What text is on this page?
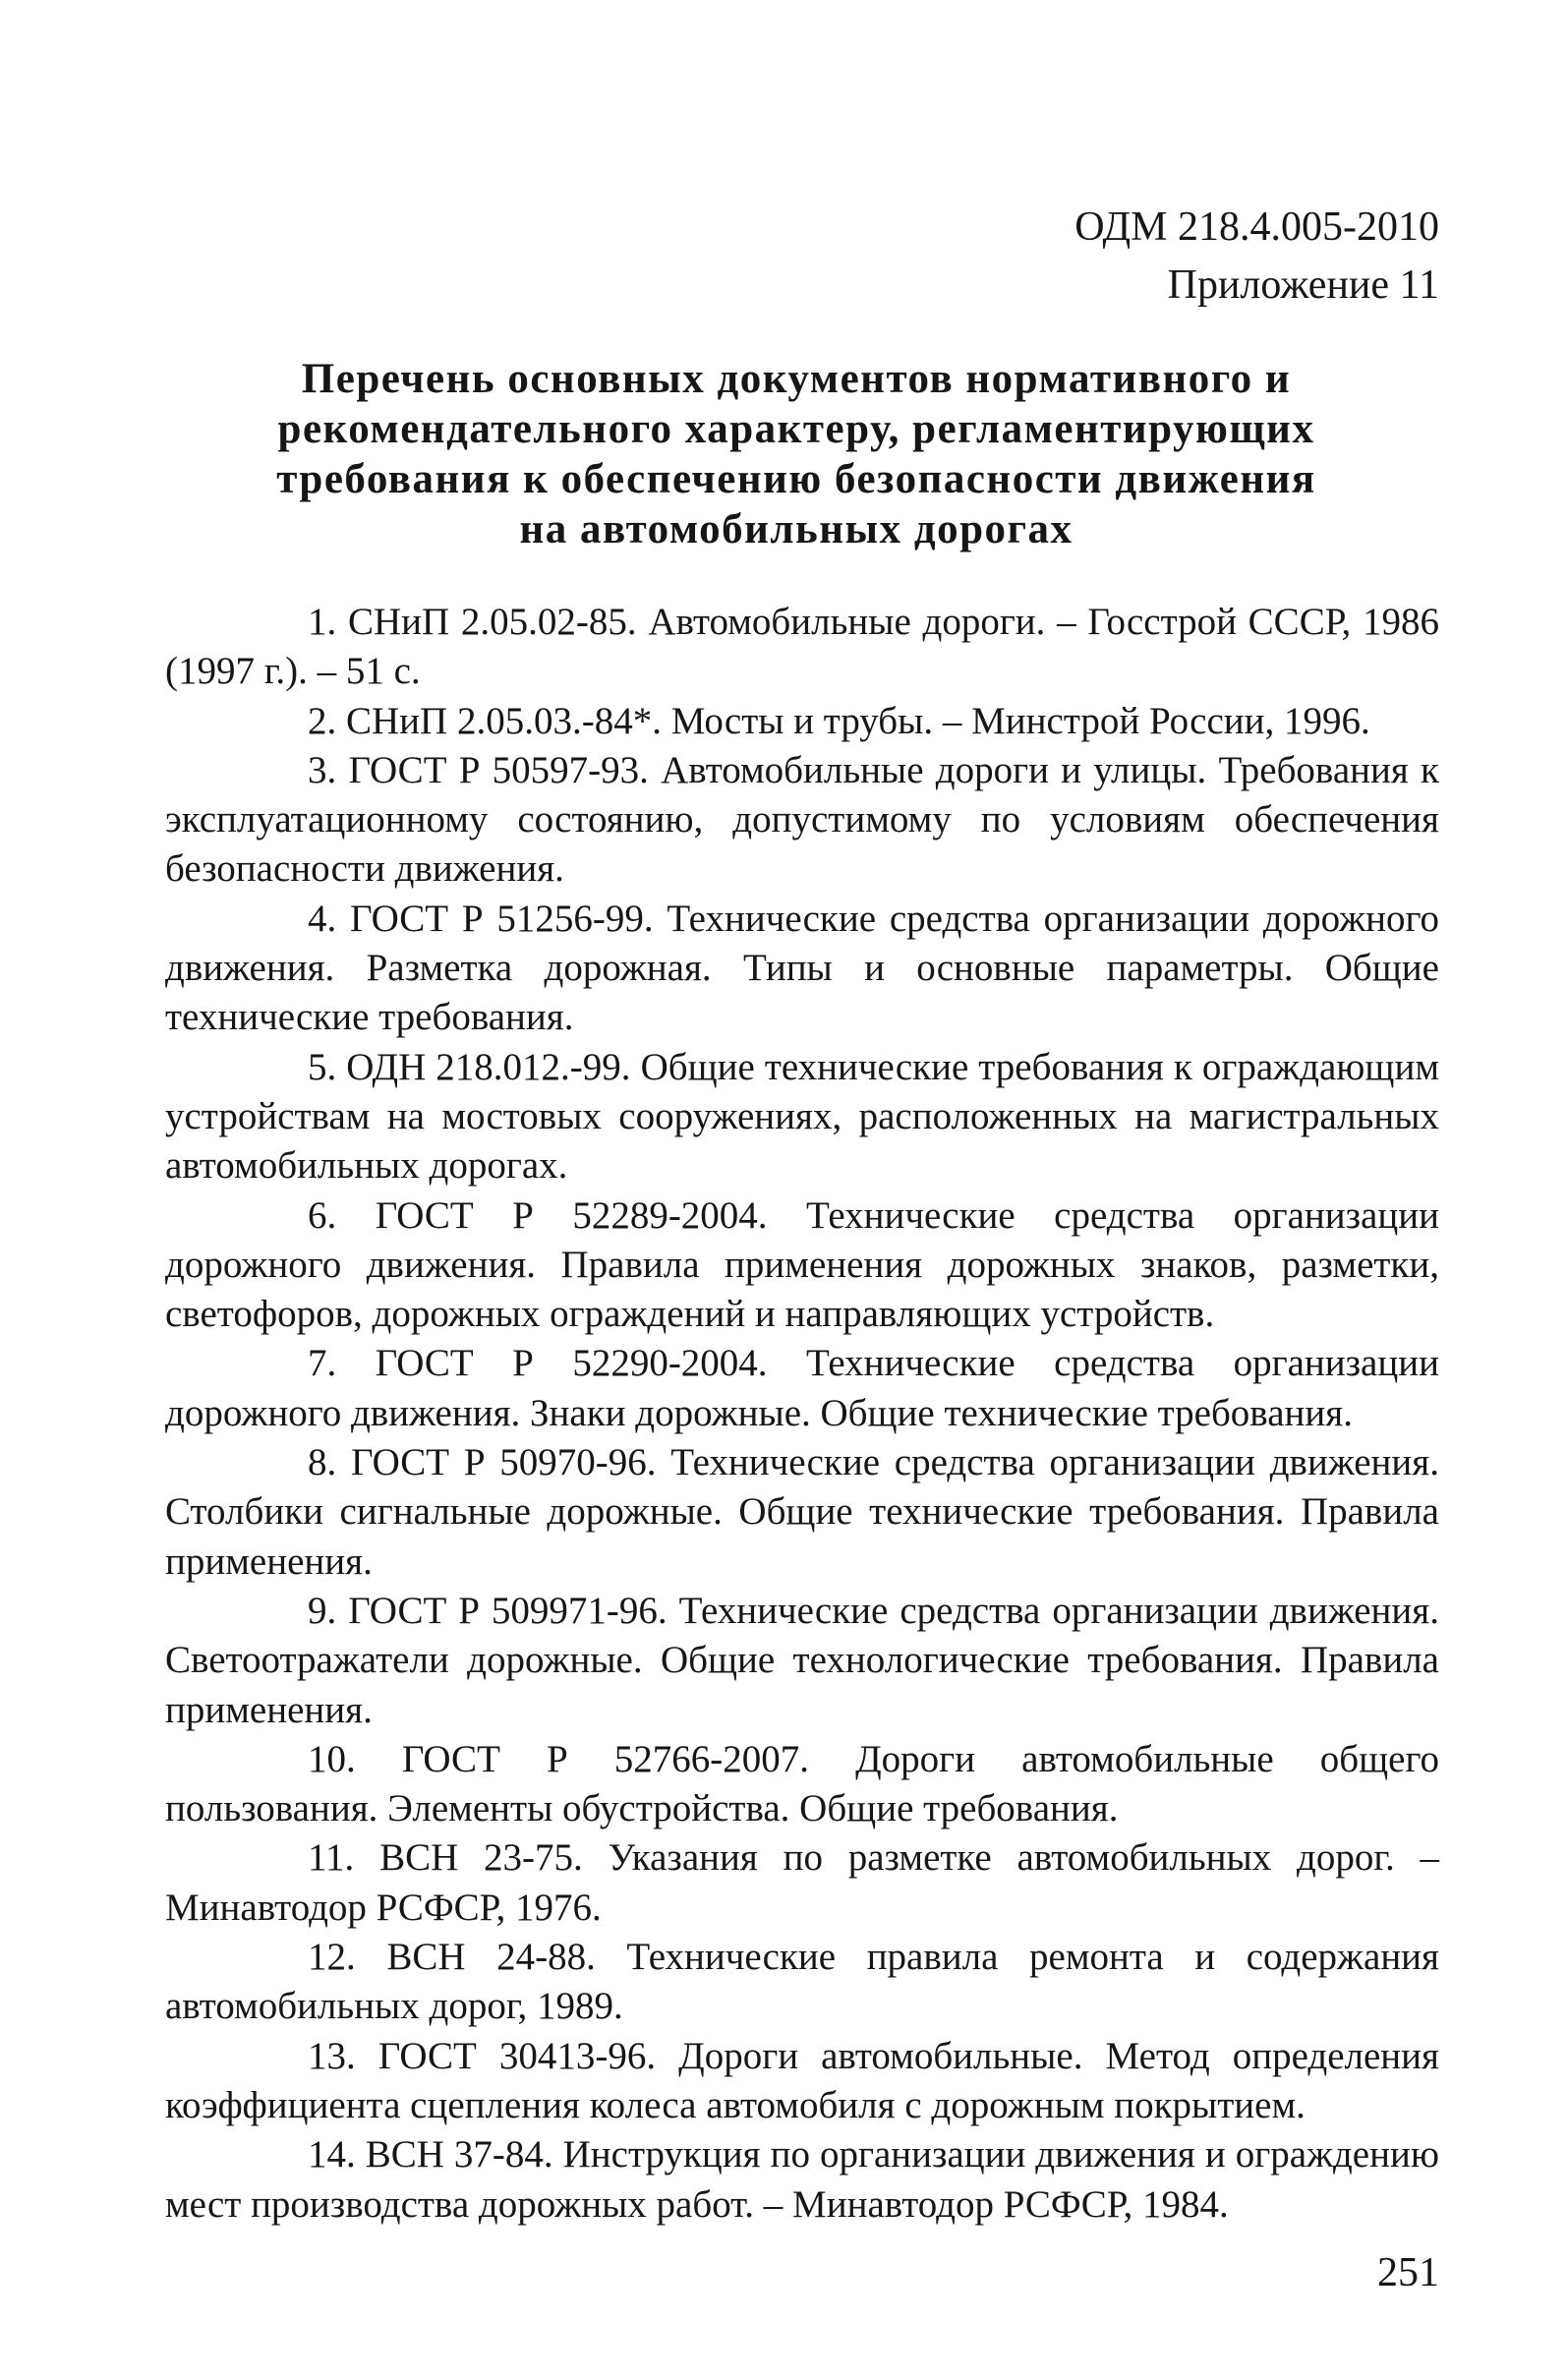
ОДМ 218.4.005-2010
Приложение 11
Перечень основных документов нормативного и
рекомендательного характеру, регламентирующих
требования к обеспечению безопасности движения
на автомобильных дорогах
1. СНиП 2.05.02-85. Автомобильные дороги. – Госстрой СССР, 1986 (1997 г.). – 51 с.
2. СНиП 2.05.03.-84*. Мосты и трубы. – Минстрой России, 1996.
3. ГОСТ Р 50597-93. Автомобильные дороги и улицы. Требования к эксплуатационному состоянию, допустимому по условиям обеспечения безопасности движения.
4. ГОСТ Р 51256-99. Технические средства организации дорожного движения. Разметка дорожная. Типы и основные параметры. Общие технические требования.
5. ОДН 218.012.-99. Общие технические требования к ограждающим устройствам на мостовых сооружениях, расположенных на магистральных автомобильных дорогах.
6. ГОСТ Р 52289-2004. Технические средства организации дорожного движения. Правила применения дорожных знаков, разметки, светофоров, дорожных ограждений и направляющих устройств.
7. ГОСТ Р 52290-2004. Технические средства организации дорожного движения. Знаки дорожные. Общие технические требования.
8. ГОСТ Р 50970-96. Технические средства организации движения. Столбики сигнальные дорожные. Общие технические требования. Правила применения.
9. ГОСТ Р 509971-96. Технические средства организации движения. Светоотражатели дорожные. Общие технологические требования. Правила применения.
10. ГОСТ Р 52766-2007. Дороги автомобильные общего пользования. Элементы обустройства. Общие требования.
11. ВСН 23-75. Указания по разметке автомобильных дорог. – Минавтодор РСФСР, 1976.
12. ВСН 24-88. Технические правила ремонта и содержания автомобильных дорог, 1989.
13. ГОСТ 30413-96. Дороги автомобильные. Метод определения коэффициента сцепления колеса автомобиля с дорожным покрытием.
14. ВСН 37-84. Инструкция по организации движения и ограждению мест производства дорожных работ. – Минавтодор РСФСР, 1984.
251
